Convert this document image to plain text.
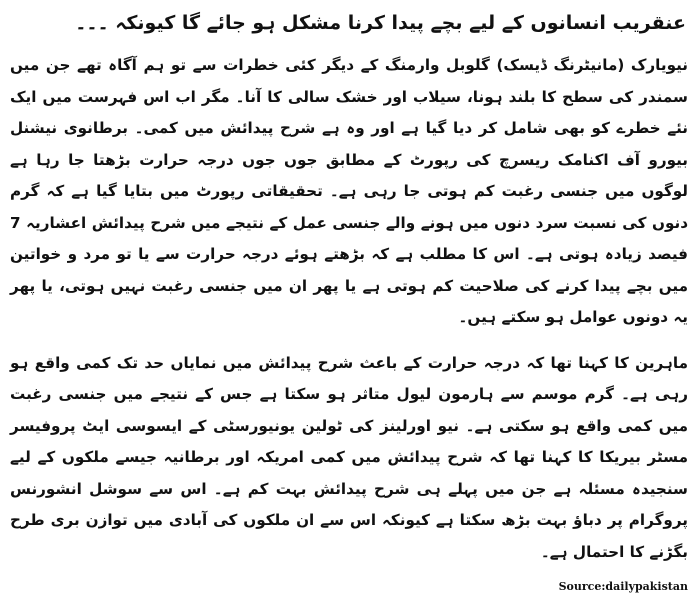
عنقریب انسانوں کے لیے بچے پیدا کرنا مشکل ہو جائے گا کیونکہ ۔۔۔

نیویارک (مانیٹرنگ ڈیسک) گلوبل وارمنگ کے دیگر کئی خطرات سے تو ہم آگاہ تھے جن میں سمندر کی سطح کا بلند ہونا، سیلاب اور خشک سالی کا آنا۔ مگر اب اس فہرست میں ایک نئے خطرے کو بھی شامل کر دیا گیا ہے اور وہ ہے شرح پیدائش میں کمی۔ برطانوی نیشنل بیورو آف اکنامک ریسرچ کی رپورٹ کے مطابق جوں جوں درجہ حرارت بڑھتا جا رہا ہے لوگوں میں جنسی رغبت کم ہوتی جا رہی ہے۔ تحقیقاتی رپورٹ میں بتایا گیا ہے کہ گرم دنوں کی نسبت سرد دنوں میں ہونے والے جنسی عمل کے نتیجے میں شرح پیدائش اعشاریہ 7 فیصد زیادہ ہوتی ہے۔ اس کا مطلب ہے کہ بڑھتے ہوئے درجہ حرارت سے یا تو مرد و خواتین میں بچے پیدا کرنے کی صلاحیت کم ہوتی ہے یا پھر ان میں جنسی رغبت نہیں ہوتی، یا پھر یہ دونوں عوامل ہو سکتے ہیں۔

ماہرین کا کہنا تھا کہ درجہ حرارت کے باعث شرح پیدائش میں نمایاں حد تک کمی واقع ہو رہی ہے۔ گرم موسم سے ہارمون لیول متاثر ہو سکتا ہے جس کے نتیجے میں جنسی رغبت میں کمی واقع ہو سکتی ہے۔ نیو اورلینز کی ٹولین یونیورسٹی کے ایسوسی ایٹ پروفیسر مسٹر بیریکا کا کہنا تھا کہ شرح پیدائش میں کمی امریکہ اور برطانیہ جیسے ملکوں کے لیے سنجیدہ مسئلہ ہے جن میں پہلے ہی شرح پیدائش بہت کم ہے۔ اس سے سوشل انشورنس پروگرام پر دباؤ بہت بڑھ سکتا ہے کیونکہ اس سے ان ملکوں کی آبادی میں توازن بری طرح بگڑنے کا احتمال ہے۔

Source:dailypakistan
